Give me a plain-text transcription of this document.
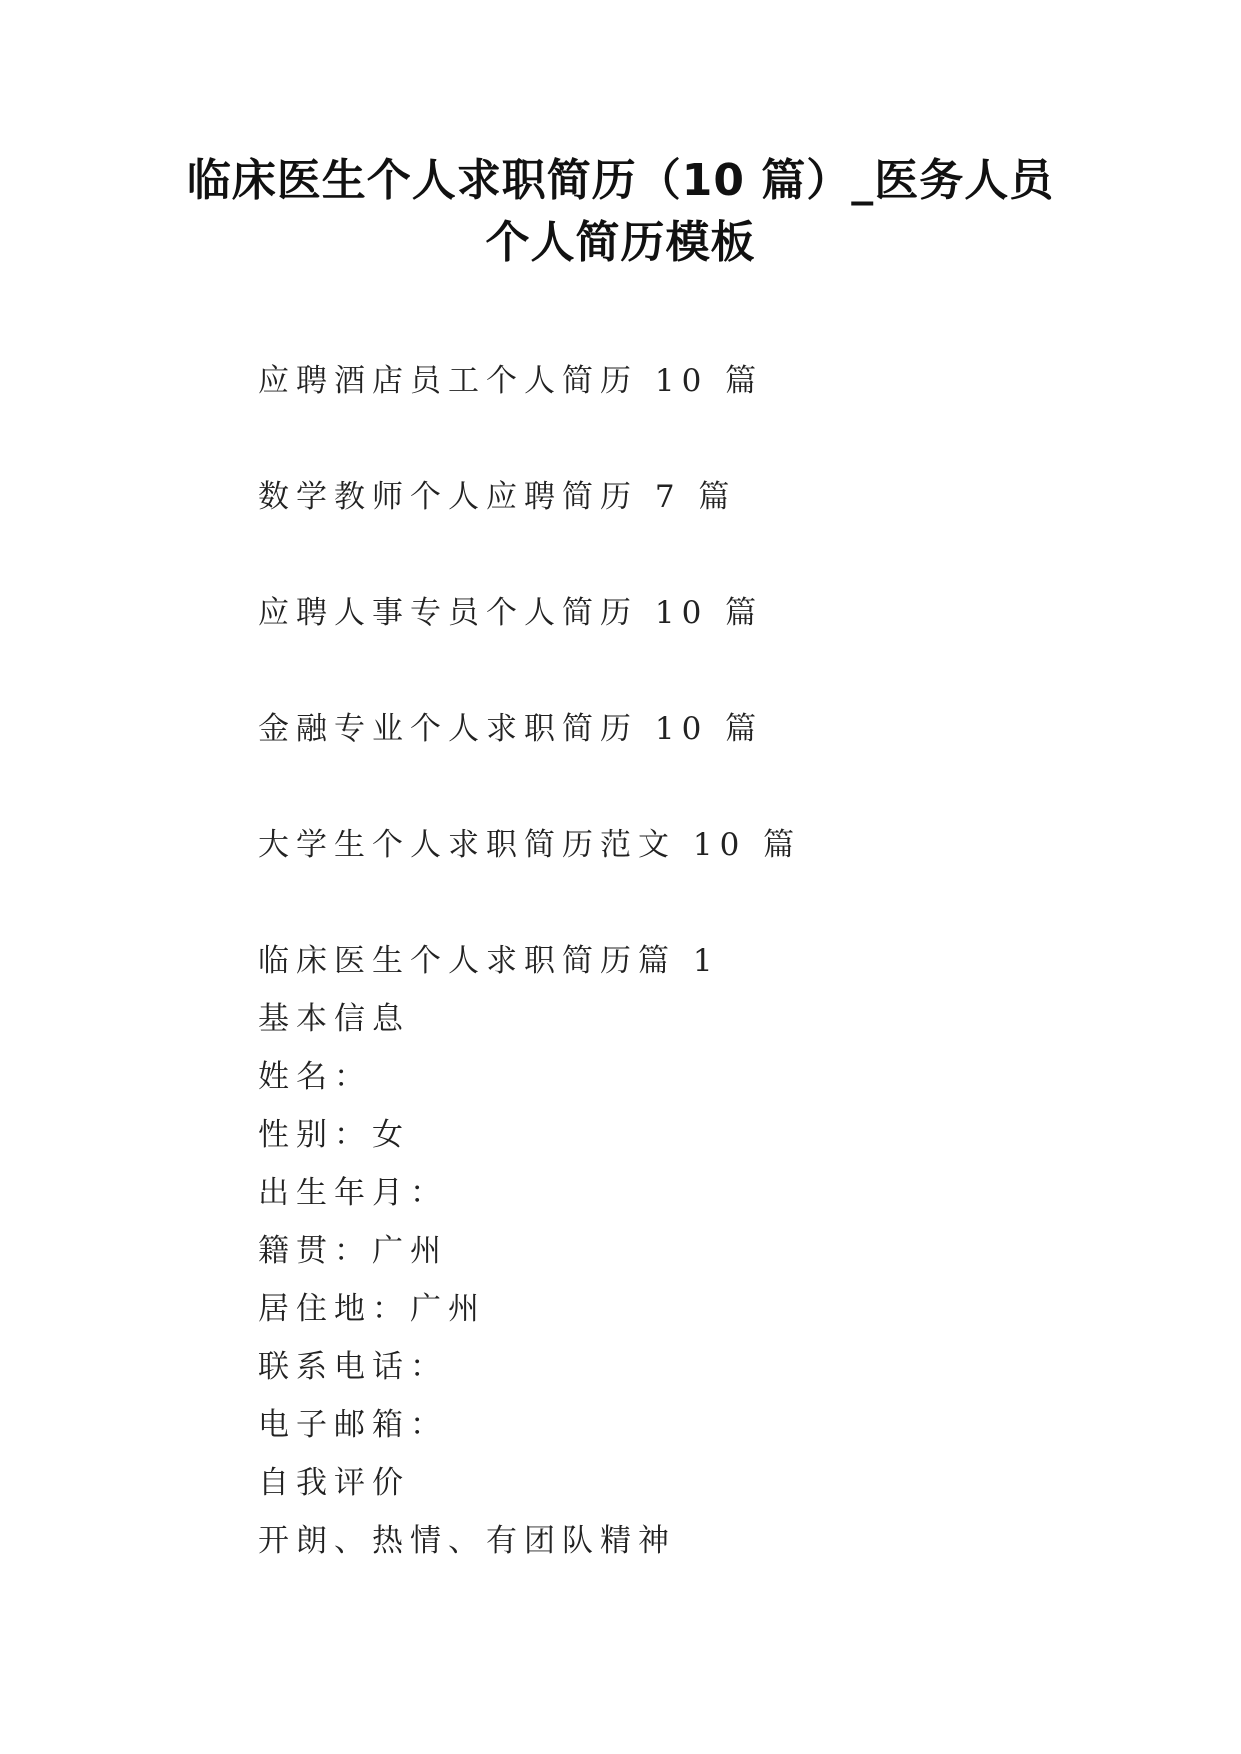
临床医生个人求职简历（10 篇）_医务人员
个人简历模板

应聘酒店员工个人简历 10 篇

数学教师个人应聘简历 7 篇

应聘人事专员个人简历 10 篇

金融专业个人求职简历 10 篇

大学生个人求职简历范文 10 篇

临床医生个人求职简历篇 1

基本信息

姓名：

性别：女

出生年月：

籍贯：广州

居住地：广州

联系电话：

电子邮箱：

自我评价

开朗、热情、有团队精神
